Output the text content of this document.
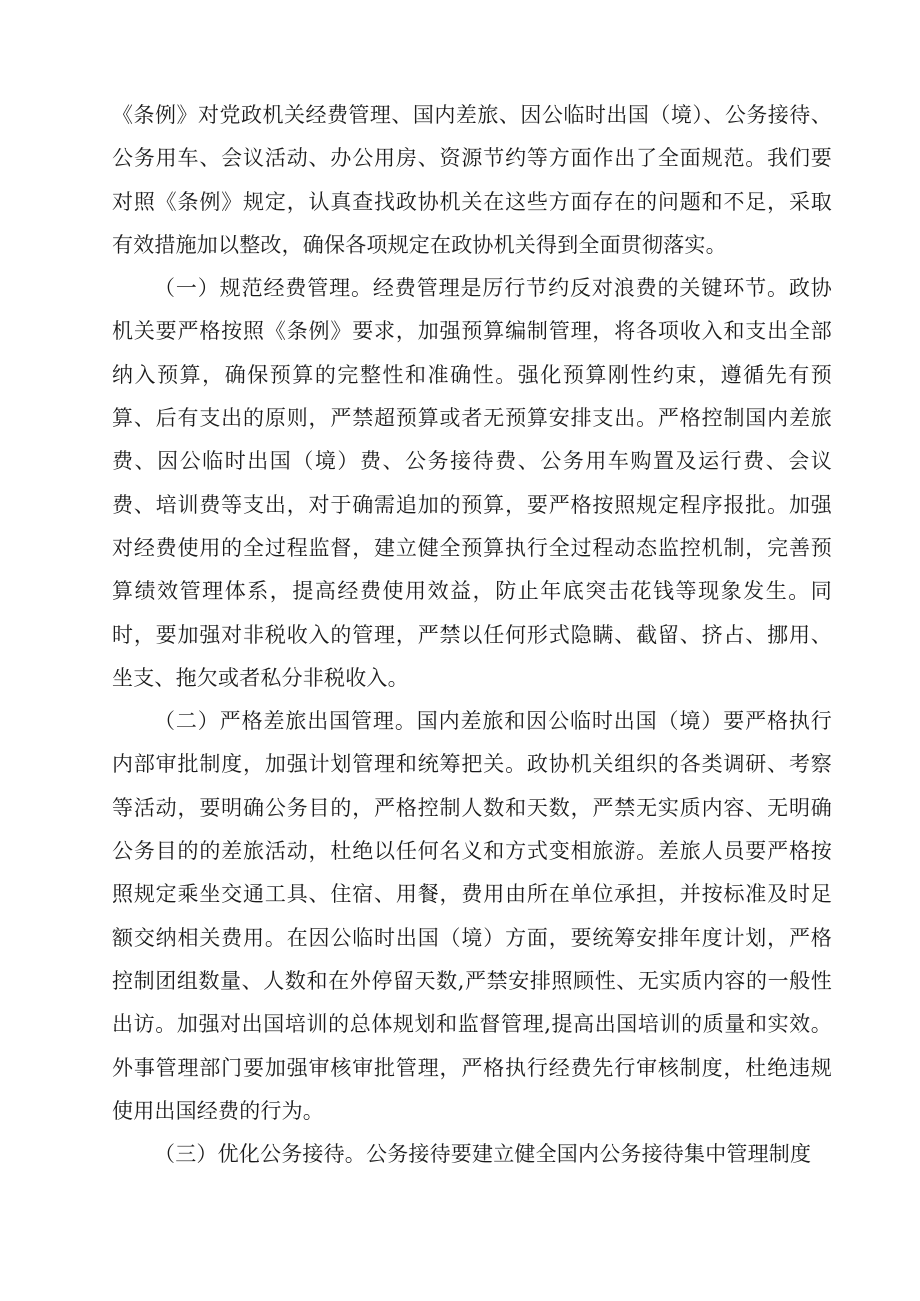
《条例》对党政机关经费管理、国内差旅、因公临时出国（境）、公务接待、公务用车、会议活动、办公用房、资源节约等方面作出了全面规范。我们要对照《条例》规定，认真查找政协机关在这些方面存在的问题和不足，采取有效措施加以整改，确保各项规定在政协机关得到全面贯彻落实。

（一）规范经费管理。经费管理是厉行节约反对浪费的关键环节。政协机关要严格按照《条例》要求，加强预算编制管理，将各项收入和支出全部纳入预算，确保预算的完整性和准确性。强化预算刚性约束，遵循先有预算、后有支出的原则，严禁超预算或者无预算安排支出。严格控制国内差旅费、因公临时出国（境）费、公务接待费、公务用车购置及运行费、会议费、培训费等支出，对于确需追加的预算，要严格按照规定程序报批。加强对经费使用的全过程监督，建立健全预算执行全过程动态监控机制，完善预算绩效管理体系，提高经费使用效益，防止年底突击花钱等现象发生。同时，要加强对非税收入的管理，严禁以任何形式隐瞒、截留、挤占、挪用、坐支、拖欠或者私分非税收入。

（二）严格差旅出国管理。国内差旅和因公临时出国（境）要严格执行内部审批制度，加强计划管理和统筹把关。政协机关组织的各类调研、考察等活动，要明确公务目的，严格控制人数和天数，严禁无实质内容、无明确公务目的的差旅活动，杜绝以任何名义和方式变相旅游。差旅人员要严格按照规定乘坐交通工具、住宿、用餐，费用由所在单位承担，并按标准及时足额交纳相关费用。在因公临时出国（境）方面，要统筹安排年度计划，严格控制团组数量、人数和在外停留天数,严禁安排照顾性、无实质内容的一般性出访。加强对出国培训的总体规划和监督管理,提高出国培训的质量和实效。外事管理部门要加强审核审批管理，严格执行经费先行审核制度，杜绝违规使用出国经费的行为。

（三）优化公务接待。公务接待要建立健全国内公务接待集中管理制度
